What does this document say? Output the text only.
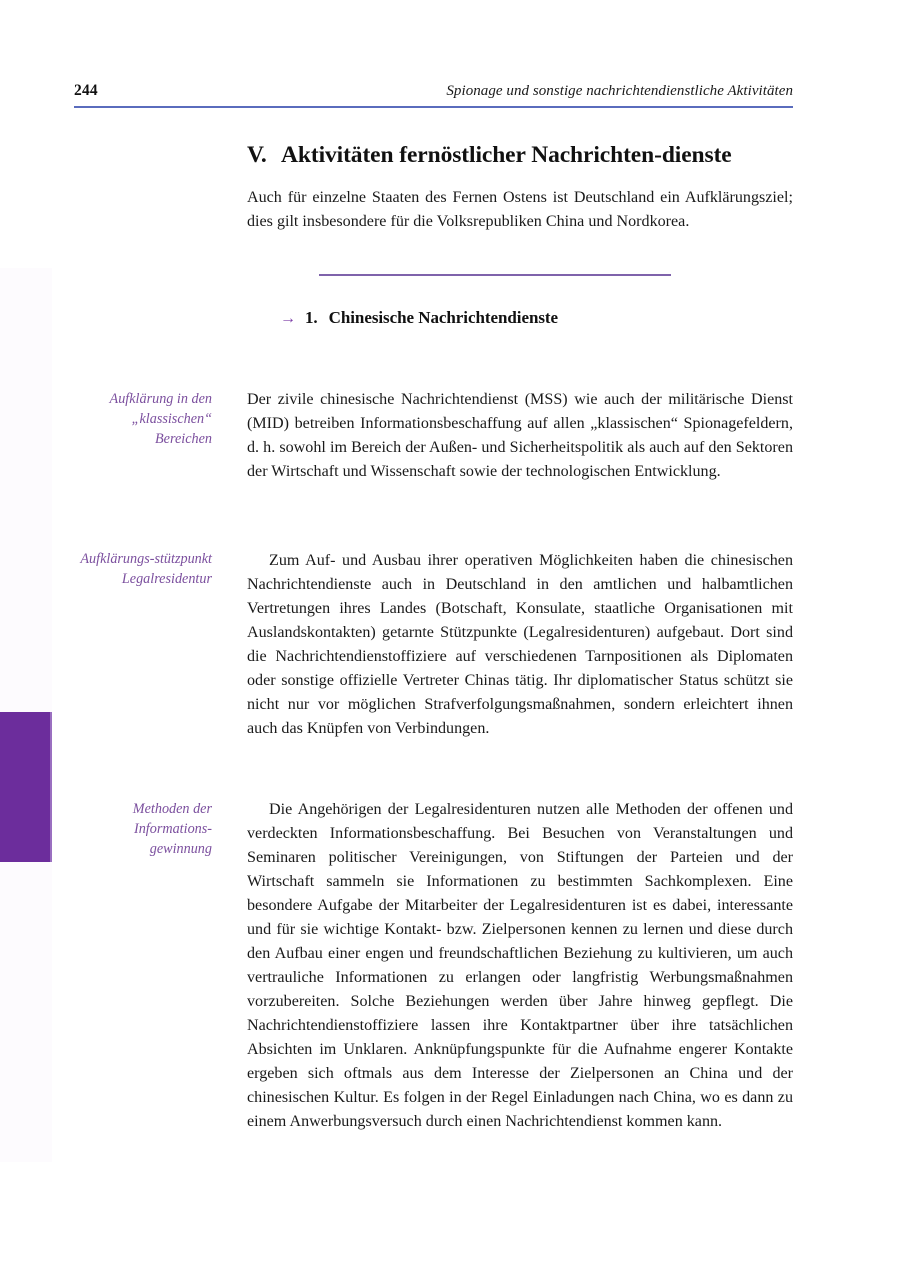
244	Spionage und sonstige nachrichtendienstliche Aktivitäten
V. Aktivitäten fernöstlicher Nachrichten-dienste

Auch für einzelne Staaten des Fernen Ostens ist Deutschland ein Aufklärungsziel; dies gilt insbesondere für die Volksrepubliken China und Nordkorea.

→ 1. Chinesische Nachrichtendienste
Aufklärung in den „klassischen“ Bereichen
Aufklärungs-stützpunkt Legalresidentur
Methoden der Informations-gewinnung

Der zivile chinesische Nachrichtendienst (MSS) wie auch der militärische Dienst (MID) betreiben Informationsbeschaffung auf allen „klassischen“ Spionagefeldern, d. h. sowohl im Bereich der Außen- und Sicherheitspolitik als auch auf den Sektoren der Wirtschaft und Wissenschaft sowie der technologischen Entwicklung.

Zum Auf- und Ausbau ihrer operativen Möglichkeiten haben die chinesischen Nachrichtendienste auch in Deutschland in den amtlichen und halbamtlichen Vertretungen ihres Landes (Botschaft, Konsulate, staatliche Organisationen mit Auslandskontakten) getarnte Stützpunkte (Legalresidenturen) aufgebaut. Dort sind die Nachrichtendienstoffiziere auf verschiedenen Tarnpositionen als Diplomaten oder sonstige offizielle Vertreter Chinas tätig. Ihr diplomatischer Status schützt sie nicht nur vor möglichen Strafverfolgungsmaßnahmen, sondern erleichtert ihnen auch das Knüpfen von Verbindungen.

Die Angehörigen der Legalresidenturen nutzen alle Methoden der offenen und verdeckten Informationsbeschaffung. Bei Besuchen von Veranstaltungen und Seminaren politischer Vereinigungen, von Stiftungen der Parteien und der Wirtschaft sammeln sie Informationen zu bestimmten Sachkomplexen. Eine besondere Aufgabe der Mitarbeiter der Legalresidenturen ist es dabei, interessante und für sie wichtige Kontakt- bzw. Zielpersonen kennen zu lernen und diese durch den Aufbau einer engen und freundschaftlichen Beziehung zu kultivieren, um auch vertrauliche Informationen zu erlangen oder langfristig Werbungsmaßnahmen vorzubereiten. Solche Beziehungen werden über Jahre hinweg gepflegt. Die Nachrichtendienstoffiziere lassen ihre Kontaktpartner über ihre tatsächlichen Absichten im Unklaren. Anknüpfungspunkte für die Aufnahme engerer Kontakte ergeben sich oftmals aus dem Interesse der Zielpersonen an China und der chinesischen Kultur. Es folgen in der Regel Einladungen nach China, wo es dann zu einem Anwerbungsversuch durch einen Nachrichtendienst kommen kann.
